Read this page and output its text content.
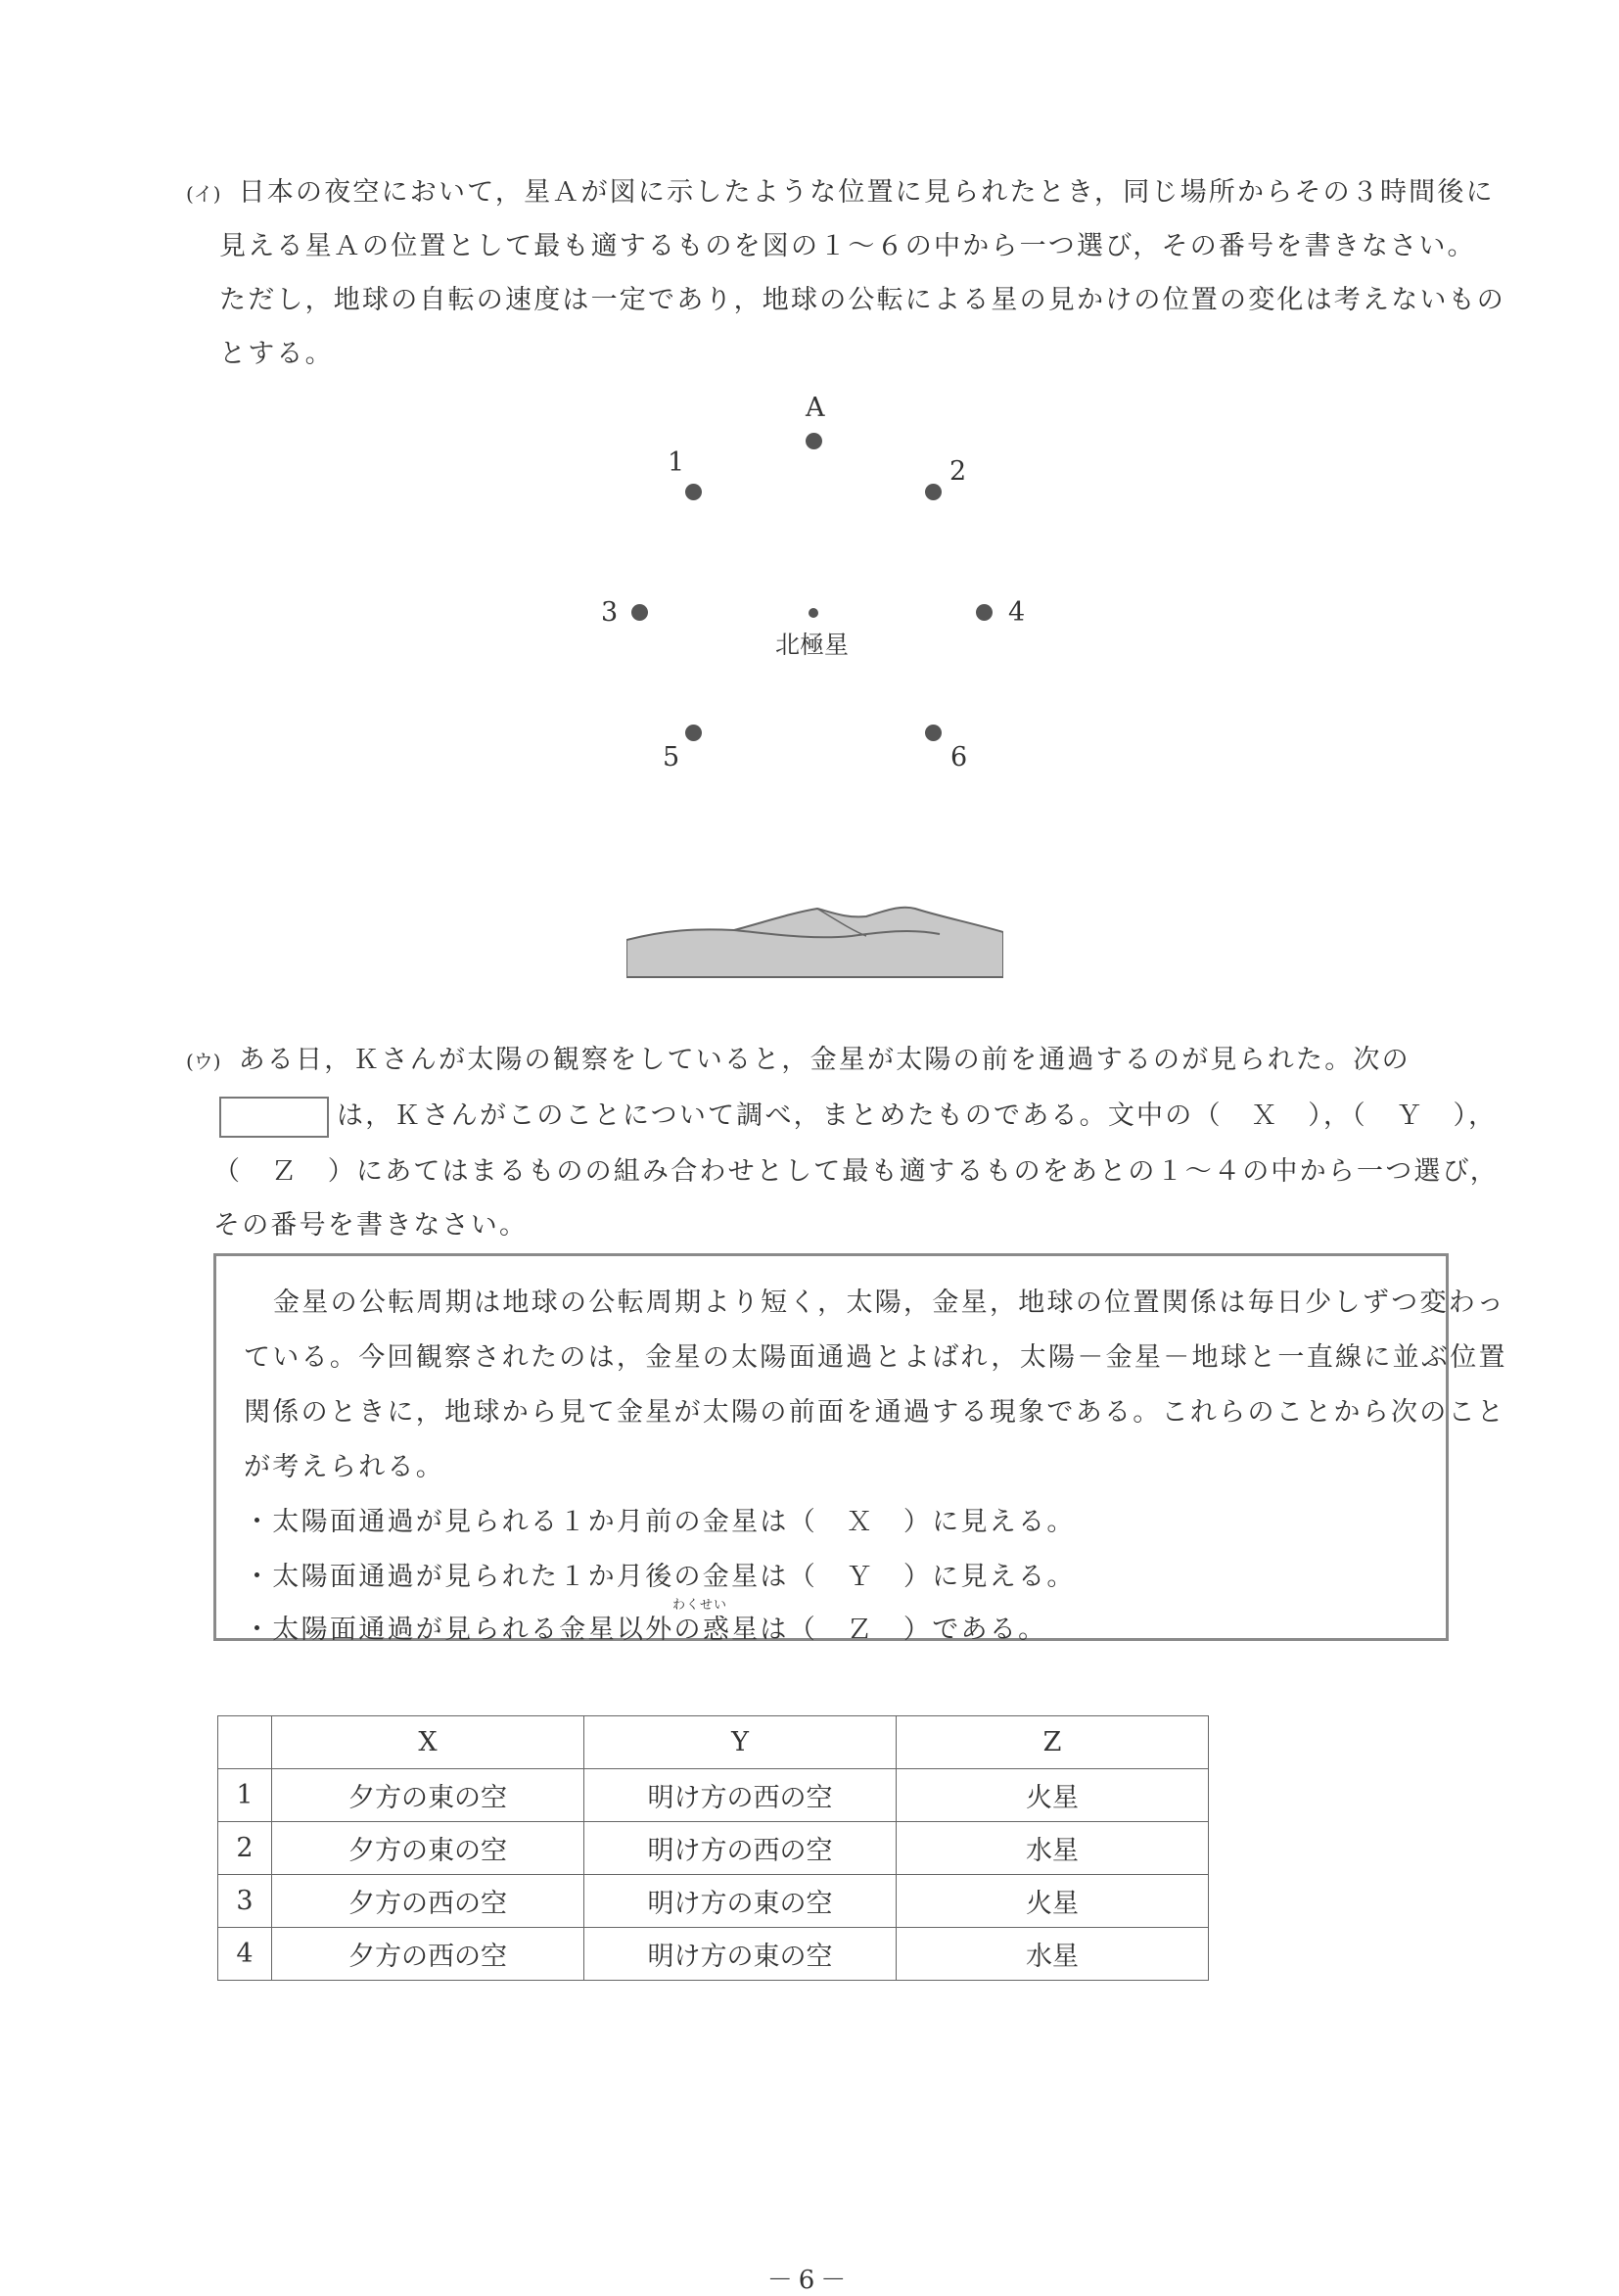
(イ) 日本の夜空において，星Ａが図に示したような位置に見られたとき，同じ場所からその３時間後に
見える星Ａの位置として最も適するものを図の１～６の中から一つ選び，その番号を書きなさい。
ただし，地球の自転の速度は一定であり，地球の公転による星の見かけの位置の変化は考えないもの
とする。
A
1	2
3	4
北極星
5	6
(ウ) ある日，Ｋさんが太陽の観察をしていると，金星が太陽の前を通過するのが見られた。次の
は，Ｋさんがこのことについて調べ，まとめたものである。文中の（　Ｘ　），（　Ｙ　），
（　Ｚ　）にあてはまるものの組み合わせとして最も適するものをあとの１～４の中から一つ選び，
その番号を書きなさい。
金星の公転周期は地球の公転周期より短く，太陽，金星，地球の位置関係は毎日少しずつ変わっ
ている。今回観察されたのは，金星の太陽面通過とよばれ，太陽－金星－地球と一直線に並ぶ位置
関係のときに，地球から見て金星が太陽の前面を通過する現象である。これらのことから次のこと
が考えられる。
・太陽面通過が見られる１か月前の金星は（　Ｘ　）に見える。
・太陽面通過が見られた１か月後の金星は（　Ｙ　）に見える。
わくせい
・太陽面通過が見られる金星以外の惑星は（　Ｚ　）である。
	X	Y	Z
1	夕方の東の空	明け方の西の空	火星
2	夕方の東の空	明け方の西の空	水星
3	夕方の西の空	明け方の東の空	火星
4	夕方の西の空	明け方の東の空	水星
－6－
